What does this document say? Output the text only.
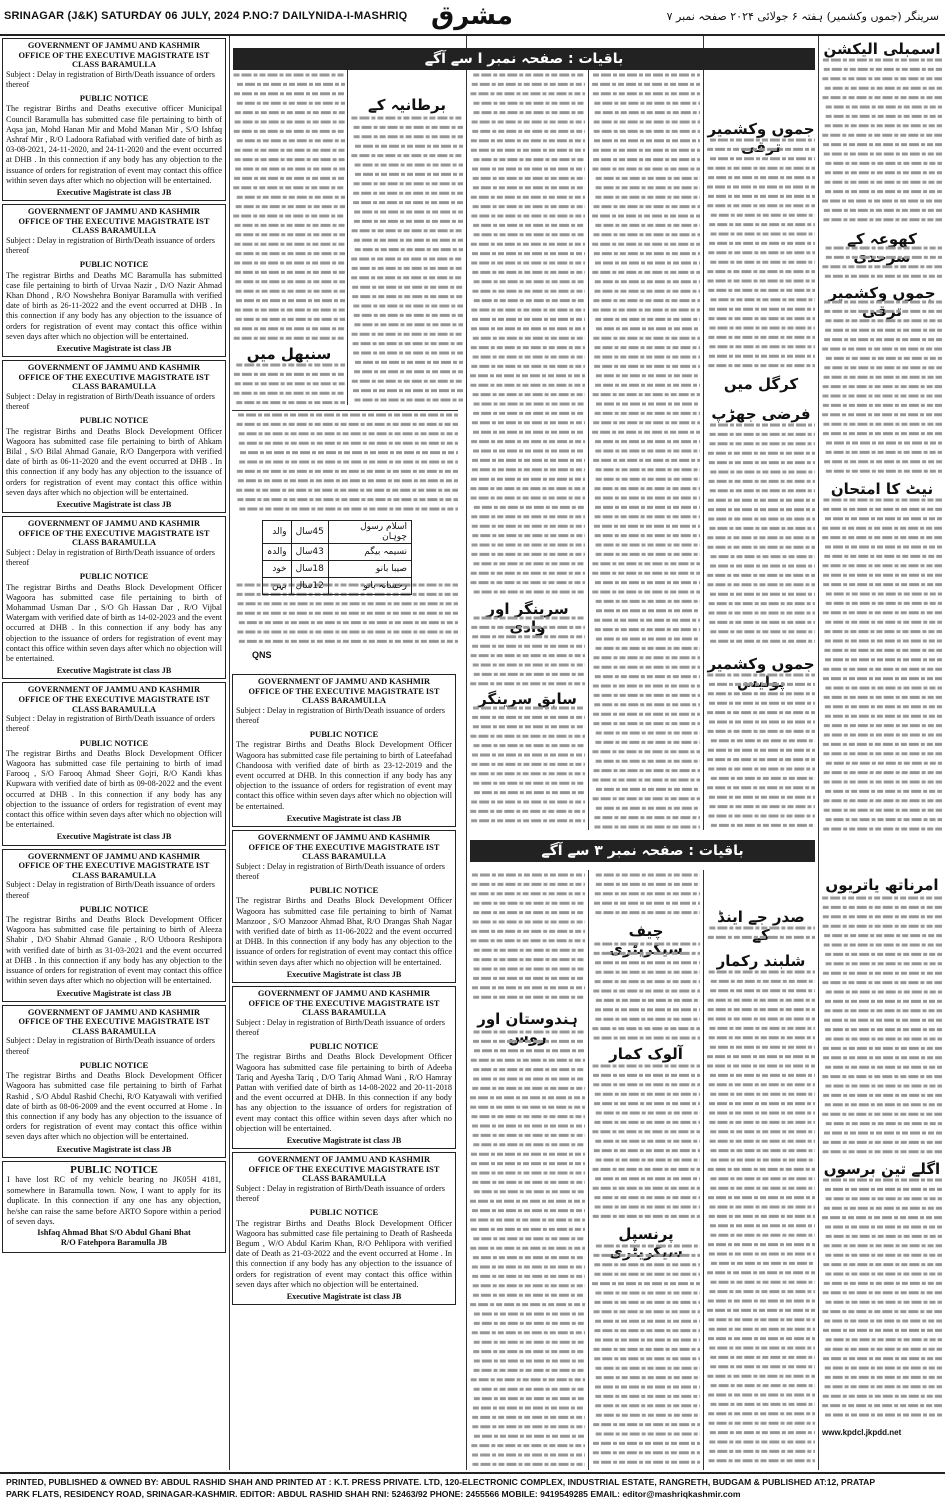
SRINAGAR (J&K) SATURDAY 06 JULY, 2024 P.NO:7 DAILYNIDA-I-MASHRIQ مشرق	سرینگر (جموں وکشمیر) ہفتہ ۶ جولائی ۲۰۲۴ صفحہ نمبر ۷
GOVERNMENT OF JAMMU AND KASHMIR
OFFICE OF THE EXECUTIVE MAGISTRATE IST
CLASS BARAMULLA
Subject : Delay in registration of Birth/Death issuance of orders thereof
PUBLIC NOTICE
The registrar Births and Deaths executive officer Municipal Council Baramulla has submitted case file pertaining to birth of Aqsa jan, Mohd Hanan Mir and Mohd Manan Mir , S/O Ishfaq Ashraf Mir , R/O Ladoora Rafiabad with verified date of birth as 03-08-2021, 24-11-2020, and 24-11-2020 and the event occurred at DHB . In this connection if any body has any objection to the issuance of orders for registration of event may contact this office within seven days after which no objection will be entertained.
Executive Magistrate ist class JB
GOVERNMENT OF JAMMU AND KASHMIR
OFFICE OF THE EXECUTIVE MAGISTRATE IST
CLASS BARAMULLA
Subject : Delay in registration of Birth/Death issuance of orders thereof
PUBLIC NOTICE
The registrar Births and Deaths MC Baramulla has submitted case file pertaining to birth of Urvaa Nazir , D/O Nazir Ahmad Khan Dhond , R/O Nowshehra Boniyar Baramulla with verified date of birth as 26-11-2022 and the event occurred at DHB . In this connection if any body has any objection to the issuance of orders for registration of event may contact this office within seven days after which no objection will be entertained.
Executive Magistrate ist class JB
GOVERNMENT OF JAMMU AND KASHMIR
OFFICE OF THE EXECUTIVE MAGISTRATE IST
CLASS BARAMULLA
Subject : Delay in registration of Birth/Death issuance of orders thereof
PUBLIC NOTICE
The registrar Births and Deaths Block Development Officer Wagoora has submitted case file pertaining to birth of Ahkam Bilal , S/O Bilal Ahmad Ganaie, R/O Dangerpora with verified date of birth as 06-11-2020 and the event occurred at DHB . In this connection if any body has any objection to the issuance of orders for registration of event may contact this office within seven days after which no objection will be entertained.
Executive Magistrate ist class JB
GOVERNMENT OF JAMMU AND KASHMIR
OFFICE OF THE EXECUTIVE MAGISTRATE IST
CLASS BARAMULLA
Subject : Delay in registration of Birth/Death issuance of orders thereof
PUBLIC NOTICE
The registrar Births and Deaths Block Development Officer Wagoora has submitted case file pertaining to birth of Mohammad Usman Dar , S/O Gh Hassan Dar , R/O Vijbal Watergam with verified date of birth as 14-02-2023 and the event occurred at DHB . In this connection if any body has any objection to the issuance of orders for registration of event may contact this office within seven days after which no objection will be entertained.
Executive Magistrate ist class JB
GOVERNMENT OF JAMMU AND KASHMIR
OFFICE OF THE EXECUTIVE MAGISTRATE IST
CLASS BARAMULLA
Subject : Delay in registration of Birth/Death issuance of orders thereof
PUBLIC NOTICE
The registrar Births and Deaths Block Development Officer Wagoora has submitted case file pertaining to birth of imad Farooq , S/O Farooq Ahmad Sheer Gojri, R/O Kandi khas Kupwara with verified date of birth as 09-08-2022 and the event occurred at DHB . In this connection if any body has any objection to the issuance of orders for registration of event may contact this office within seven days after which no objection will be entertained.
Executive Magistrate ist class JB
GOVERNMENT OF JAMMU AND KASHMIR
OFFICE OF THE EXECUTIVE MAGISTRATE IST
CLASS BARAMULLA
Subject : Delay in registration of Birth/Death issuance of orders thereof
PUBLIC NOTICE
The registrar Births and Deaths Block Development Officer Wagoora has submitted case file pertaining to birth of Aleeza Shabir , D/O Shabir Ahmad Ganaie , R/O Utboora Reshipora with verified date of birth as 31-03-2021 and the event occurred at DHB . In this connection if any body has any objection to the issuance of orders for registration of event may contact this office within seven days after which no objection will be entertained.
Executive Magistrate ist class JB
GOVERNMENT OF JAMMU AND KASHMIR
OFFICE OF THE EXECUTIVE MAGISTRATE IST
CLASS BARAMULLA
Subject : Delay in registration of Birth/Death issuance of orders thereof
PUBLIC NOTICE
The registrar Births and Deaths Block Development Officer Wagoora has submitted case file pertaining to birth of Farhat Rashid , S/O Abdul Rashid Chechi, R/O Katyawali with verified date of birth as 08-06-2009 and the event occurred at Home . In this connection if any body has any objection to the issuance of orders for registration of event may contact this office within seven days after which no objection will be entertained.
Executive Magistrate ist class JB
PUBLIC NOTICE
I have lost RC of my vehicle bearing no JK05H 4181, somewhere in Baramulla town. Now, I want to apply for its duplicate. In this connection if any one has any objection, he/she can raise the same before ARTO Sopore within a period of seven days.
Ishfaq Ahmad Bhat S/O Abdul Ghani Bhat
R/O Fatehpora Baramulla JB
باقیات : صفحہ نمبر ا سے آگے
باقیات : صفحہ نمبر ۳ سے آگے
اسمبلی الیکشن
جموں وکشمیر ترقی
کھوعہ کے سرحدی
جموں وکشمیر ترقی
کرگل میں
فرضی جھڑپ
نیٹ کا امتحان
جموں وکشمیر پولیس
سرینگر اور وادی
سابق سرینگر
برطانیہ کے
سنبھل میں
امرناتھ یاتریوں
صدر جے اینڈ کے
شلبند رکمار
چیف سیکریٹری
آلوک کمار
پرنسپل سیکریٹری
ہندوستان اور روس
اگلے تین برسوں
اسلام رسول چوہان	45سال	والد
نسیمہ بیگم	43سال	والدہ
صیبا بانو	18سال	خود
رخسانہ بانو	12سال	بہن
QNS
GOVERNMENT OF JAMMU AND KASHMIR
OFFICE OF THE EXECUTIVE MAGISTRATE IST
CLASS BARAMULLA
Subject : Delay in registration of Birth/Death issuance of orders thereof
PUBLIC NOTICE
The registrar Births and Deaths Block Development Officer Wagoora has submitted case file pertaining to birth of Lateefahad Chandoosa with verified date of birth as 23-12-2019 and the event occurred at DHB. In this connection if any body has any objection to the issuance of orders for registration of event may contact this office within seven days after which no objection will be entertained.
Executive Magistrate ist class JB
GOVERNMENT OF JAMMU AND KASHMIR
OFFICE OF THE EXECUTIVE MAGISTRATE IST
CLASS BARAMULLA
Subject : Delay in registration of Birth/Death issuance of orders thereof
PUBLIC NOTICE
The registrar Births and Deaths Block Development Officer Wagoora has submitted case file pertaining to birth of Namat Manzoor , S/O Manzoor Ahmad Bhat, R/O Drangas Shah Nagar with verified date of birth as 11-06-2022 and the event occurred at DHB. In this connection if any body has any objection to the issuance of orders for registration of event may contact this office within seven days after which no objection will be entertained.
Executive Magistrate ist class JB
GOVERNMENT OF JAMMU AND KASHMIR
OFFICE OF THE EXECUTIVE MAGISTRATE IST
CLASS BARAMULLA
Subject : Delay in registration of Birth/Death issuance of orders thereof
PUBLIC NOTICE
The registrar Births and Deaths Block Development Officer Wagoora has submitted case file pertaining to birth of Adeeba Tariq and Ayesha Tariq , D/O Tariq Ahmad Wani , R/O Hamray Pattan with verified date of birth as 14-08-2022 and 20-11-2018 and the event occurred at DHB. In this connection if any body has any objection to the issuance of orders for registration of event may contact this office within seven days after which no objection will be entertained.
Executive Magistrate ist class JB
GOVERNMENT OF JAMMU AND KASHMIR
OFFICE OF THE EXECUTIVE MAGISTRATE IST
CLASS BARAMULLA
Subject : Delay in registration of Birth/Death issuance of orders thereof
PUBLIC NOTICE
The registrar Births and Deaths Block Development Officer Wagoora has submitted case file pertaining to Death of Rasheeda Begum , W/O Abdul Karim Khan, R/O Pehlipora with verified date of Death as 21-03-2022 and the event occurred at Home . In this connection if any body has any objection to the issuance of orders for registration of event may contact this office within seven days after which no objection will be entertained.
Executive Magistrate ist class JB
www.kpdcl.jkpdd.net
PRINTED, PUBLISHED & OWNED BY: ABDUL RASHID SHAH AND PRINTED AT : K.T. PRESS PRIVATE. LTD, 120-ELECTRONIC COMPLEX, INDUSTRIAL ESTATE, RANGRETH, BUDGAM & PUBLISHED AT:12, PRATAP
PARK FLATS, RESIDENCY ROAD, SRINAGAR-KASHMIR. EDITOR: ABDUL RASHID SHAH RNI: 52463/92 PHONE: 2455566 MOBILE: 9419549285 EMAIL: editor@mashriqkashmir.com
